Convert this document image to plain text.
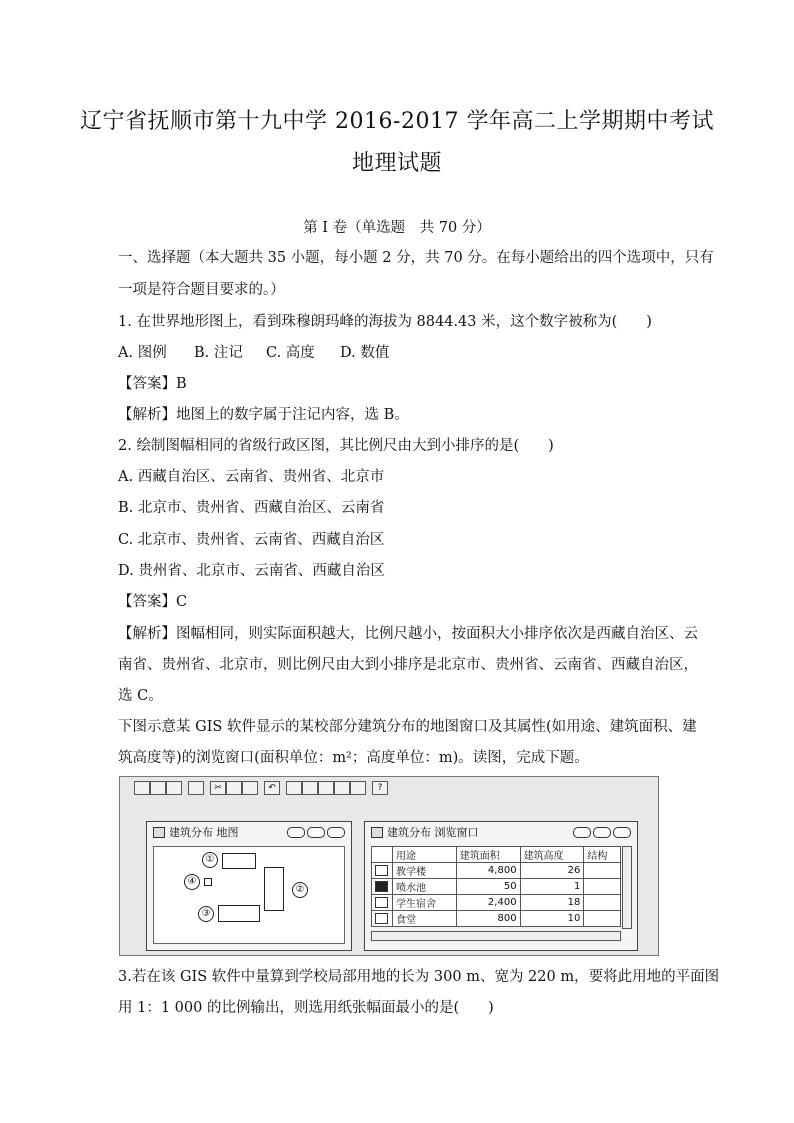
辽宁省抚顺市第十九中学 2016-2017 学年高二上学期期中考试
地理试题
第 I 卷（单选题　共 70 分）
一、选择题（本大题共 35 小题，每小题 2 分，共 70 分。在每小题给出的四个选项中，只有
一项是符合题目要求的。）
1. 在世界地形图上，看到珠穆朗玛峰的海拔为 8844.43 米，这个数字被称为(　　)
A. 图例 B. 注记 C. 高度 D. 数值
【答案】B
【解析】地图上的数字属于注记内容，选 B。
2. 绘制图幅相同的省级行政区图，其比例尺由大到小排序的是(　　)
A. 西藏自治区、云南省、贵州省、北京市
B. 北京市、贵州省、西藏自治区、云南省
C. 北京市、贵州省、云南省、西藏自治区
D. 贵州省、北京市、云南省、西藏自治区
【答案】C
【解析】图幅相同，则实际面积越大，比例尺越小，按面积大小排序依次是西藏自治区、云
南省、贵州省、北京市，则比例尺由大到小排序是北京市、贵州省、云南省、西藏自治区，
选 C。
下图示意某 GIS 软件显示的某校部分建筑分布的地图窗口及其属性(如用途、建筑面积、建
筑高度等)的浏览窗口(面积单位：m²；高度单位：m)。读图，完成下题。
✂	↶	?
建筑分布 地图
①
②
④
③
建筑分布 浏览窗口
	用途	建筑面积	建筑高度	结构
	教学楼	4,800	26	
	喷水池	50	1	
	学生宿舍	2,400	18	
	食堂	800	10	
3.若在该 GIS 软件中量算到学校局部用地的长为 300 m、宽为 220 m，要将此用地的平面图
用 1：1 000 的比例输出，则选用纸张幅面最小的是(　　)
